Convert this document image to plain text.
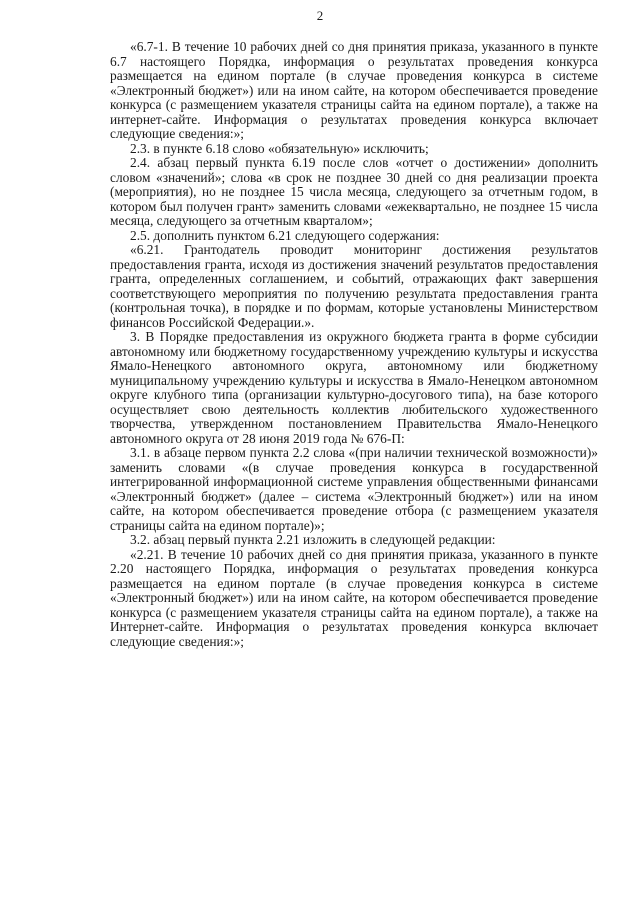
2

«6.7-1. В течение 10 рабочих дней со дня принятия приказа, указанного в пункте 6.7 настоящего Порядка, информация о результатах проведения конкурса размещается на едином портале (в случае проведения конкурса в системе «Электронный бюджет») или на ином сайте, на котором обеспечивается проведение конкурса (с размещением указателя страницы сайта на едином портале), а также на интернет-сайте. Информация о результатах проведения конкурса включает следующие сведения:»;

2.3. в пункте 6.18 слово «обязательную» исключить;

2.4. абзац первый пункта 6.19 после слов «отчет о достижении» дополнить словом «значений»; слова «в срок не позднее 30 дней со дня реализации проекта (мероприятия), но не позднее 15 числа месяца, следующего за отчетным годом, в котором был получен грант» заменить словами «ежеквартально, не позднее 15 числа месяца, следующего за отчетным кварталом»;

2.5. дополнить пунктом 6.21 следующего содержания:

«6.21. Грантодатель проводит мониторинг достижения результатов предоставления гранта, исходя из достижения значений результатов предоставления гранта, определенных соглашением, и событий, отражающих факт завершения соответствующего мероприятия по получению результата предоставления гранта (контрольная точка), в порядке и по формам, которые установлены Министерством финансов Российской Федерации.».

3. В Порядке предоставления из окружного бюджета гранта в форме субсидии автономному или бюджетному государственному учреждению культуры и искусства Ямало-Ненецкого автономного округа, автономному или бюджетному муниципальному учреждению культуры и искусства в Ямало-Ненецком автономном округе клубного типа (организации культурно-досугового типа), на базе которого осуществляет свою деятельность коллектив любительского художественного творчества, утвержденном постановлением Правительства Ямало-Ненецкого автономного округа от 28 июня 2019 года № 676-П:

3.1. в абзаце первом пункта 2.2 слова «(при наличии технической возможности)» заменить словами «(в случае проведения конкурса в государственной интегрированной информационной системе управления общественными финансами «Электронный бюджет» (далее – система «Электронный бюджет») или на ином сайте, на котором обеспечивается проведение отбора (с размещением указателя страницы сайта на едином портале)»;

3.2. абзац первый пункта 2.21 изложить в следующей редакции:

«2.21. В течение 10 рабочих дней со дня принятия приказа, указанного в пункте 2.20 настоящего Порядка, информация о результатах проведения конкурса размещается на едином портале (в случае проведения конкурса в системе «Электронный бюджет») или на ином сайте, на котором обеспечивается проведение конкурса (с размещением указателя страницы сайта на едином портале), а также на Интернет-сайте. Информация о результатах проведения конкурса включает следующие сведения:»;
